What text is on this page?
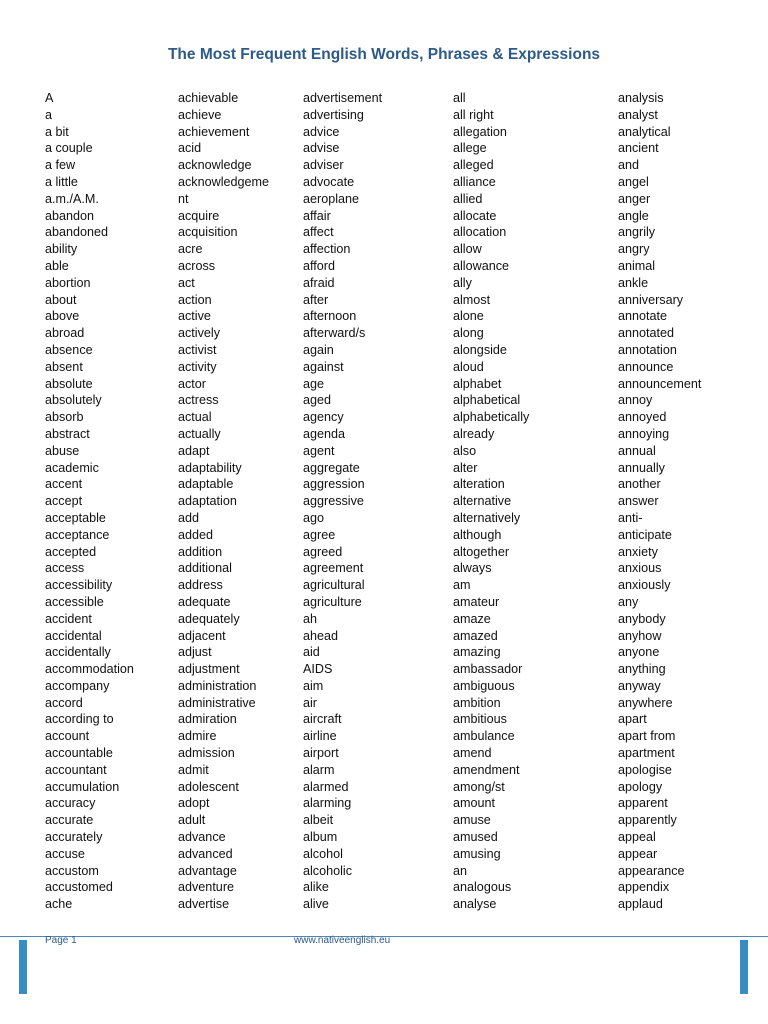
The Most Frequent English Words, Phrases & Expressions
A
a
a bit
a couple
a few
a little
a.m./A.M.
abandon
abandoned
ability
able
abortion
about
above
abroad
absence
absent
absolute
absolutely
absorb
abstract
abuse
academic
accent
accept
acceptable
acceptance
accepted
access
accessibility
accessible
accident
accidental
accidentally
accommodation
accompany
accord
according to
account
accountable
accountant
accumulation
accuracy
accurate
accurately
accuse
accustom
accustomed
ache
achievable
achieve
achievement
acid
acknowledge
acknowledgeme
nt
acquire
acquisition
acre
across
act
action
active
actively
activist
activity
actor
actress
actual
actually
adapt
adaptability
adaptable
adaptation
add
added
addition
additional
address
adequate
adequately
adjacent
adjust
adjustment
administration
administrative
admiration
admire
admission
admit
adolescent
adopt
adult
advance
advanced
advantage
adventure
advertise
advertisement
advertising
advice
advise
adviser
advocate
aeroplane
affair
affect
affection
afford
afraid
after
afternoon
afterward/s
again
against
age
aged
agency
agenda
agent
aggregate
aggression
aggressive
ago
agree
agreed
agreement
agricultural
agriculture
ah
ahead
aid
AIDS
aim
air
aircraft
airline
airport
alarm
alarmed
alarming
albeit
album
alcohol
alcoholic
alike
alive
all
all right
allegation
allege
alleged
alliance
allied
allocate
allocation
allow
allowance
ally
almost
alone
along
alongside
aloud
alphabet
alphabetical
alphabetically
already
also
alter
alteration
alternative
alternatively
although
altogether
always
am
amateur
amaze
amazed
amazing
ambassador
ambiguous
ambition
ambitious
ambulance
amend
amendment
among/st
amount
amuse
amused
amusing
an
analogous
analyse
analysis
analyst
analytical
ancient
and
angel
anger
angle
angrily
angry
animal
ankle
anniversary
annotate
annotated
annotation
announce
announcement
annoy
annoyed
annoying
annual
annually
another
answer
anti-
anticipate
anxiety
anxious
anxiously
any
anybody
anyhow
anyone
anything
anyway
anywhere
apart
apart from
apartment
apologise
apology
apparent
apparently
appeal
appear
appearance
appendix
applaud
Page 1	www.nativeenglish.eu
